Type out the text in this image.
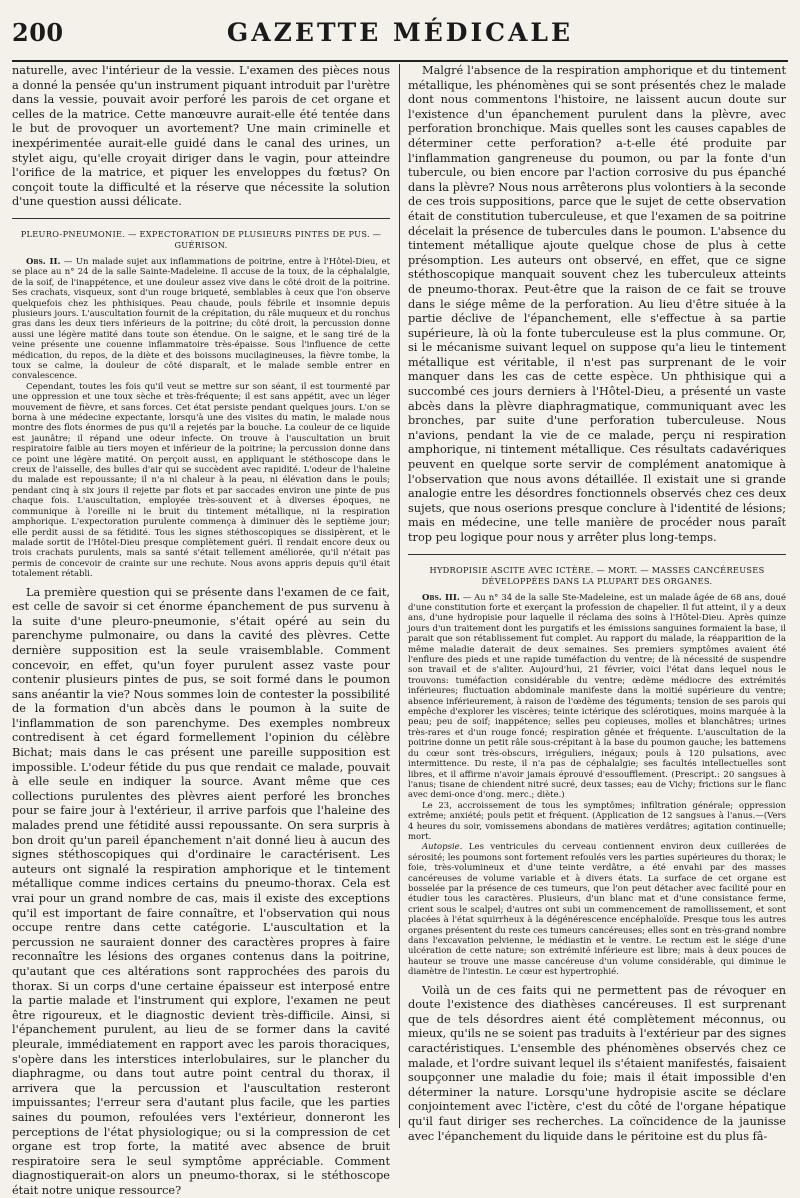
200	GAZETTE MÉDICALE

naturelle, avec l'intérieur de la vessie. L'examen des pièces nous a donné la pensée qu'un instrument piquant introduit par l'urètre dans la vessie, pouvait avoir perforé les parois de cet organe et celles de la matrice. Cette manœuvre aurait-elle été tentée dans le but de provoquer un avortement? Une main criminelle et inexpérimentée aurait-elle guidé dans le canal des urines, un stylet aigu, qu'elle croyait diriger dans le vagin, pour atteindre l'orifice de la matrice, et piquer les enveloppes du fœtus? On conçoit toute la difficulté et la réserve que nécessite la solution d'une question aussi délicate.

PLEURO-PNEUMONIE. — EXPECTORATION DE PLUSIEURS PINTES DE PUS. — GUÉRISON.

Obs. II. — Un malade sujet aux inflammations de poitrine, entre à l'Hôtel-Dieu, et se place au n° 24 de la salle Sainte-Madeleine. Il accuse de la toux, de la céphalalgie, de la soif, de l'inappétence, et une douleur assez vive dans le côté droit de la poitrine. Ses crachats, visqueux, sont d'un rouge briqueté, semblables à ceux que l'on observe quelquefois chez les phthisiques. Peau chaude, pouls fébrile et insomnie depuis plusieurs jours. L'auscultation fournit de la crépitation, du râle muqueux et du ronchus gras dans les deux tiers inférieurs de la poitrine; du côté droit, la percussion donne aussi une légère matité dans toute son étendue. On le saigne, et le sang tiré de la veine présente une couenne inflammatoire très-épaisse. Sous l'influence de cette médication, du repos, de la diète et des boissons mucilagineuses, la fièvre tombe, la toux se calme, la douleur de côté disparaît, et le malade semble entrer en convalescence.

Cependant, toutes les fois qu'il veut se mettre sur son séant, il est tourmenté par une oppression et une toux sèche et très-fréquente; il est sans appétit, avec un léger mouvement de fièvre, et sans forces. Cet état persiste pendant quelques jours. L'on se borna à une médecine expectante, lorsqu'à une des visites du matin, le malade nous montre des flots énormes de pus qu'il a rejetés par la bouche. La couleur de ce liquide est jaunâtre; il répand une odeur infecte. On trouve à l'auscultation un bruit respiratoire faible au tiers moyen et inférieur de la poitrine; la percussion donne dans ce point une légère matité. On perçoit aussi, en appliquant le stéthoscope dans le creux de l'aisselle, des bulles d'air qui se succèdent avec rapidité. L'odeur de l'haleine du malade est repoussante; il n'a ni chaleur à la peau, ni élévation dans le pouls; pendant cinq à six jours il rejette par flots et par saccades environ une pinte de pus chaque fois. L'auscultation, employée très-souvent et à diverses époques, ne communique à l'oreille ni le bruit du tintement métallique, ni la respiration amphorique. L'expectoration purulente commença à diminuer dès le septième jour; elle perdit aussi de sa fétidité. Tous les signes stéthoscopiques se dissipèrent, et le malade sortit de l'Hôtel-Dieu presque complètement guéri. Il rendait encore deux ou trois crachats purulents, mais sa santé s'était tellement améliorée, qu'il n'était pas permis de concevoir de crainte sur une rechute. Nous avons appris depuis qu'il était totalement rétabli.

La première question qui se présente dans l'examen de ce fait, est celle de savoir si cet énorme épanchement de pus survenu à la suite d'une pleuro-pneumonie, s'était opéré au sein du parenchyme pulmonaire, ou dans la cavité des plèvres. Cette dernière supposition est la seule vraisemblable. Comment concevoir, en effet, qu'un foyer purulent assez vaste pour contenir plusieurs pintes de pus, se soit formé dans le poumon sans anéantir la vie? Nous sommes loin de contester la possibilité de la formation d'un abcès dans le poumon à la suite de l'inflammation de son parenchyme. Des exemples nombreux contredisent à cet égard formellement l'opinion du célèbre Bichat; mais dans le cas présent une pareille supposition est impossible. L'odeur fétide du pus que rendait ce malade, pouvait à elle seule en indiquer la source. Avant même que ces collections purulentes des plèvres aient perforé les bronches pour se faire jour à l'extérieur, il arrive parfois que l'haleine des malades prend une fétidité aussi repoussante. On sera surpris à bon droit qu'un pareil épanchement n'ait donné lieu à aucun des signes stéthoscopiques qui d'ordinaire le caractérisent. Les auteurs ont signalé la respiration amphorique et le tintement métallique comme indices certains du pneumo-thorax. Cela est vrai pour un grand nombre de cas, mais il existe des exceptions qu'il est important de faire connaître, et l'observation qui nous occupe rentre dans cette catégorie. L'auscultation et la percussion ne sauraient donner des caractères propres à faire reconnaître les lésions des organes contenus dans la poitrine, qu'autant que ces altérations sont rapprochées des parois du thorax. Si un corps d'une certaine épaisseur est interposé entre la partie malade et l'instrument qui explore, l'examen ne peut être rigoureux, et le diagnostic devient très-difficile. Ainsi, si l'épanchement purulent, au lieu de se former dans la cavité pleurale, immédiatement en rapport avec les parois thoraciques, s'opère dans les interstices interlobulaires, sur le plancher du diaphragme, ou dans tout autre point central du thorax, il arrivera que la percussion et l'auscultation resteront impuissantes; l'erreur sera d'autant plus facile, que les parties saines du poumon, refoulées vers l'extérieur, donneront les perceptions de l'état physiologique; ou si la compression de cet organe est trop forte, la matité avec absence de bruit respiratoire sera le seul symptôme appréciable. Comment diagnostiquerait-on alors un pneumo-thorax, si le stéthoscope était notre unique ressource?

Malgré l'absence de la respiration amphorique et du tintement métallique, les phénomènes qui se sont présentés chez le malade dont nous commentons l'histoire, ne laissent aucun doute sur l'existence d'un épanchement purulent dans la plèvre, avec perforation bronchique. Mais quelles sont les causes capables de déterminer cette perforation? a-t-elle été produite par l'inflammation gangreneuse du poumon, ou par la fonte d'un tubercule, ou bien encore par l'action corrosive du pus épanché dans la plèvre? Nous nous arrêterons plus volontiers à la seconde de ces trois suppositions, parce que le sujet de cette observation était de constitution tuberculeuse, et que l'examen de sa poitrine décelait la présence de tubercules dans le poumon. L'absence du tintement métallique ajoute quelque chose de plus à cette présomption. Les auteurs ont observé, en effet, que ce signe stéthoscopique manquait souvent chez les tuberculeux atteints de pneumo-thorax. Peut-être que la raison de ce fait se trouve dans le siége même de la perforation. Au lieu d'être située à la partie déclive de l'épanchement, elle s'effectue à sa partie supérieure, là où la fonte tuberculeuse est la plus commune. Or, si le mécanisme suivant lequel on suppose qu'a lieu le tintement métallique est véritable, il n'est pas surprenant de le voir manquer dans les cas de cette espèce. Un phthisique qui a succombé ces jours derniers à l'Hôtel-Dieu, a présenté un vaste abcès dans la plèvre diaphragmatique, communiquant avec les bronches, par suite d'une perforation tuberculeuse. Nous n'avions, pendant la vie de ce malade, perçu ni respiration amphorique, ni tintement métallique. Ces résultats cadavériques peuvent en quelque sorte servir de complément anatomique à l'observation que nous avons détaillée. Il existait une si grande analogie entre les désordres fonctionnels observés chez ces deux sujets, que nous oserions presque conclure à l'identité de lésions; mais en médecine, une telle manière de procéder nous paraît trop peu logique pour nous y arrêter plus long-temps.

HYDROPISIE ASCITE AVEC ICTÈRE. — MORT. — MASSES CANCÉREUSES DÉVELOPPÉES DANS LA PLUPART DES ORGANES.

Obs. III. — Au n° 34 de la salle Ste-Madeleine, est un malade âgée de 68 ans, doué d'une constitution forte et exerçant la profession de chapelier. Il fut atteint, il y a deux ans, d'une hydropisie pour laquelle il réclama des soins à l'Hôtel-Dieu. Après quinze jours d'un traitement dont les purgatifs et les émissions sanguines formaient la base, il parait que son rétablissement fut complet. Au rapport du malade, la réapparition de la même maladie daterait de deux semaines. Ses premiers symptômes avaient été l'enflure des pieds et une rapide tuméfaction du ventre; de là nécessité de suspendre son travail et de s'aliter. Aujourd'hui, 21 février, voici l'état dans lequel nous le trouvons: tuméfaction considérable du ventre; œdème médiocre des extrémités inférieures; fluctuation abdominale manifeste dans la moitié supérieure du ventre; absence inférieurement, à raison de l'œdème des téguments; tension de ses parois qui empêche d'explorer les viscères; teinte ictérique des sclérotiques, moins marquée à la peau; peu de soif; inappétence; selles peu copieuses, molles et blanchâtres; urines très-rares et d'un rouge foncé; respiration gênée et fréquente. L'auscultation de la poitrine donne un petit râle sous-crépitant à la base du poumon gauche; les battemens du cœur sont très-obscurs, irréguliers, inégaux; pouls à 120 pulsations, avec intermittence. Du reste, il n'a pas de céphalalgie; ses facultés intellectuelles sont libres, et il affirme n'avoir jamais éprouvé d'essoufflement. (Prescript.: 20 sangsues à l'anus; tisane de chiendent nitré sucré, deux tasses; eau de Vichy; frictions sur le flanc avec demi-once d'ong. merc.; diète.)

Le 23, accroissement de tous les symptômes; infiltration générale; oppression extrême; anxiété; pouls petit et fréquent. (Application de 12 sangsues à l'anus.—(Vers 4 heures du soir, vomissemens abondans de matières verdâtres; agitation continuelle; mort.

Autopsie. Les ventricules du cerveau contiennent environ deux cuillerées de sérosité; les poumons sont fortement refoulés vers les parties supérieures du thorax; le foie, très-volumineux et d'une teinte verdâtre, a été envahi par des masses cancéreuses de volume variable et à divers états. La surface de cet organe est bosselée par la présence de ces tumeurs, que l'on peut détacher avec facilité pour en étudier tous les caractères. Plusieurs, d'un blanc mat et d'une consistance ferme, crient sous le scalpel; d'autres ont subi un commencement de ramollissement, et sont placées à l'état squirrheux à la dégénérescence encéphaloïde. Presque tous les autres organes présentent du reste ces tumeurs cancéreuses; elles sont en très-grand nombre dans l'excavation pelvienne, le médiastin et le ventre. Le rectum est le siége d'une ulcération de cette nature; son extrémité inférieure est libre; mais à deux pouces de hauteur se trouve une masse cancéreuse d'un volume considérable, qui diminue le diamètre de l'intestin. Le cœur est hypertrophié.

Voilà un de ces faits qui ne permettent pas de révoquer en doute l'existence des diathèses cancéreuses. Il est surprenant que de tels désordres aient été complètement méconnus, ou mieux, qu'ils ne se soient pas traduits à l'extérieur par des signes caractéristiques. L'ensemble des phénomènes observés chez ce malade, et l'ordre suivant lequel ils s'étaient manifestés, faisaient soupçonner une maladie du foie; mais il était impossible d'en déterminer la nature. Lorsqu'une hydropisie ascite se déclare conjointement avec l'ictère, c'est du côté de l'organe hépatique qu'il faut diriger ses recherches. La coïncidence de la jaunisse avec l'épanchement du liquide dans le péritoine est du plus fâ-
